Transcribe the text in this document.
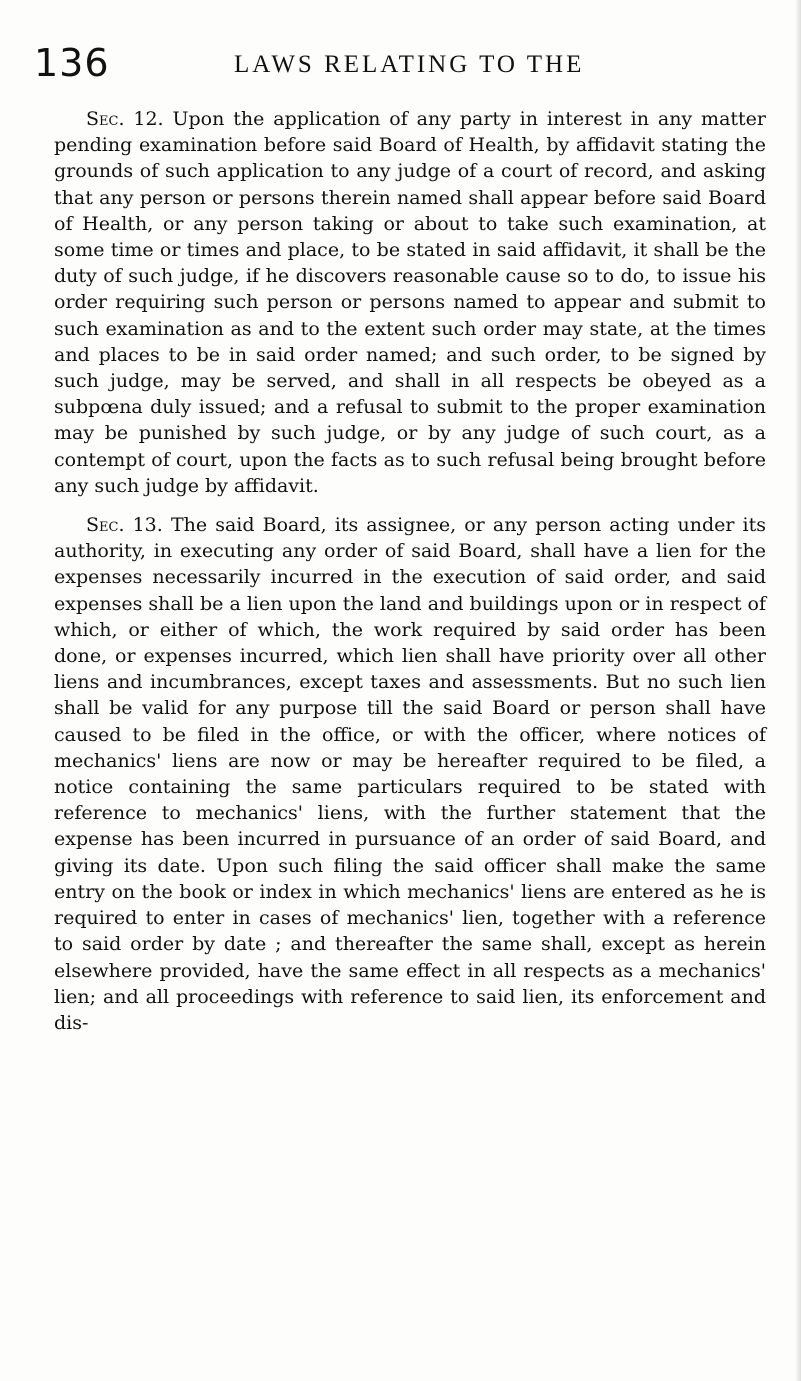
136	LAWS RELATING TO THE

Sec. 12. Upon the application of any party in interest in any matter pending examination before said Board of Health, by affidavit stating the grounds of such application to any judge of a court of record, and asking that any person or persons therein named shall appear before said Board of Health, or any person taking or about to take such examination, at some time or times and place, to be stated in said affidavit, it shall be the duty of such judge, if he discovers reasonable cause so to do, to issue his order requiring such person or persons named to appear and submit to such examination as and to the extent such order may state, at the times and places to be in said order named; and such order, to be signed by such judge, may be served, and shall in all respects be obeyed as a subpœna duly issued; and a refusal to submit to the proper examination may be punished by such judge, or by any judge of such court, as a contempt of court, upon the facts as to such refusal being brought before any such judge by affidavit.

Sec. 13. The said Board, its assignee, or any person acting under its authority, in executing any order of said Board, shall have a lien for the expenses necessarily incurred in the execution of said order, and said expenses shall be a lien upon the land and buildings upon or in respect of which, or either of which, the work required by said order has been done, or expenses incurred, which lien shall have priority over all other liens and incumbrances, except taxes and assessments. But no such lien shall be valid for any purpose till the said Board or person shall have caused to be filed in the office, or with the officer, where notices of mechanics' liens are now or may be hereafter required to be filed, a notice containing the same particulars required to be stated with reference to mechanics' liens, with the further statement that the expense has been incurred in pursuance of an order of said Board, and giving its date. Upon such filing the said officer shall make the same entry on the book or index in which mechanics' liens are entered as he is required to enter in cases of mechanics' lien, together with a reference to said order by date ; and thereafter the same shall, except as herein elsewhere provided, have the same effect in all respects as a mechanics' lien; and all proceedings with reference to said lien, its enforcement and dis-
